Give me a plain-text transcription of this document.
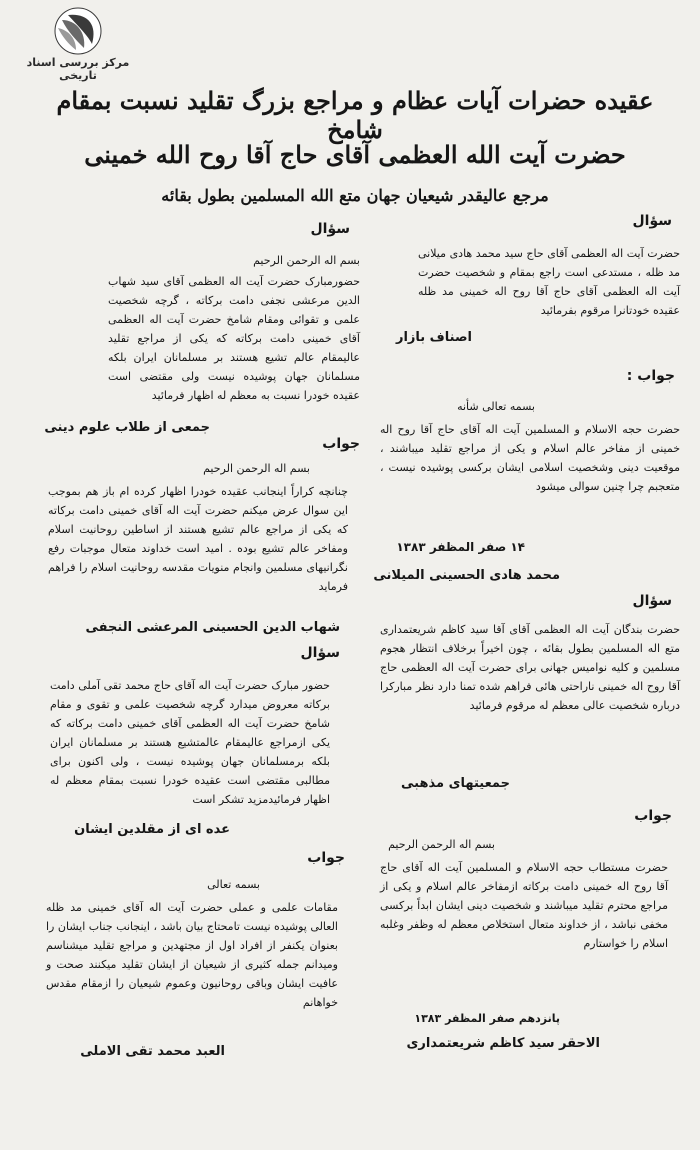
مرکز بررسی اسناد تاریخی
عقیده حضرات آیات عظام و مراجع بزرگ تقلید نسبت بمقام شامخ
حضرت آیت الله العظمی آقای حاج آقا روح الله خمینی
مرجع عالیقدر شیعیان جهان متع الله المسلمین بطول بقائه
سؤال

حضرت آیت اله العظمی آقای حاج سید محمد هادی میلانی مد ظله ، مستدعی است راجع بمقام و شخصیت حضرت آیت اله العظمی آقای حاج آقا روح اله خمینی مد ظله عقیده خودتانرا مرقوم بفرمائید

اصناف بازار
جواب :
بسمه تعالی شأنه

حضرت حجه الاسلام و المسلمین آیت اله آقای حاج آقا روح اله خمینی از مفاخر عالم اسلام و یکی از مراجع تقلید میباشند ، موقعیت دینی وشخصیت اسلامی ایشان برکسی پوشیده نیست ، متعجبم چرا چنین سوالی میشود

۱۴ صفر المظفر ۱۳۸۳
محمد هادی الحسینی المیلانی
سؤال

حضرت بندگان آیت اله العظمی آقای آقا سید کاظم شریعتمداری متع اله المسلمین بطول بقائه ، چون اخیراً برخلاف انتظار هجوم مسلمین و کلیه نوامیس جهانی برای حضرت آیت اله العظمی حاج آقا روح اله خمینی ناراحتی هائی فراهم شده تمنا دارد نظر مبارکرا درباره شخصیت عالی معظم له مرقوم فرمائید

جمعیتهای مذهبی
جواب
بسم اله الرحمن الرحیم

حضرت مستطاب حجه الاسلام و المسلمین آیت اله آقای حاج آقا روح اله خمینی دامت برکاته ازمفاخر عالم اسلام و یکی از مراجع محترم تقلید میباشند و شخصیت دینی ایشان ابداً برکسی مخفی نباشد ، از خداوند متعال استخلاص معظم له وظفر وغلبه اسلام را خواستارم

پانزدهم صفر المظفر ۱۳۸۳
الاحقر سید کاظم شریعتمداری
سؤال
بسم اله الرحمن الرحیم

حضورمبارک حضرت آیت اله العظمی آقای سید شهاب الدین مرعشی نجفی دامت برکاته ، گرچه شخصیت علمی و تقوائی ومقام شامخ حضرت آیت اله العظمی آقای خمینی دامت برکاته که یکی از مراجع تقلید عالیمقام عالم تشیع هستند بر مسلمانان ایران بلکه مسلمانان جهان پوشیده نیست ولی مقتضی است عقیده خودرا نسبت به معظم له اظهار فرمائید

جمعی از طلاب علوم دینی
جواب
بسم اله الرحمن الرحیم

چنانچه کراراً اینجانب عقیده خودرا اظهار کرده ام باز هم بموجب این سوال عرض میکنم حضرت آیت اله آقای خمینی دامت برکاته که یکی از مراجع عالم تشیع هستند از اساطین روحانیت اسلام ومفاخر عالم تشیع بوده . امید است خداوند متعال موجبات رفع نگرانیهای مسلمین وانجام منویات مقدسه روحانیت اسلام را فراهم فرماید

شهاب الدین الحسینی المرعشی النجفی
سؤال

حضور مبارک حضرت آیت اله آقای حاج محمد تقی آملی دامت برکاته معروض میدارد گرچه شخصیت علمی و تقوی و مقام شامخ حضرت آیت اله العظمی آقای خمینی دامت برکاته که یکی ازمراجع عالیمقام عالمتشیع هستند بر مسلمانان ایران بلکه برمسلمانان جهان پوشیده نیست ، ولی اکنون برای مطالبی مقتضی است عقیده خودرا نسبت بمقام معظم له اظهار فرمائیدمزید تشکر است

عده ای از مقلدین ایشان
جواب
بسمه تعالی

مقامات علمی و عملی حضرت آیت اله آقای خمینی مد ظله العالی پوشیده نیست تامحتاج بیان باشد ، اینجانب جناب ایشان را بعنوان یکنفر از افراد اول از مجتهدین و مراجع تقلید میشناسم ومیدانم جمله کثیری از شیعیان از ایشان تقلید میکنند صحت و عافیت ایشان وباقی روحانیون وعموم شیعیان را ازمقام مقدس خواهانم

العبد محمد تقی الاملی
